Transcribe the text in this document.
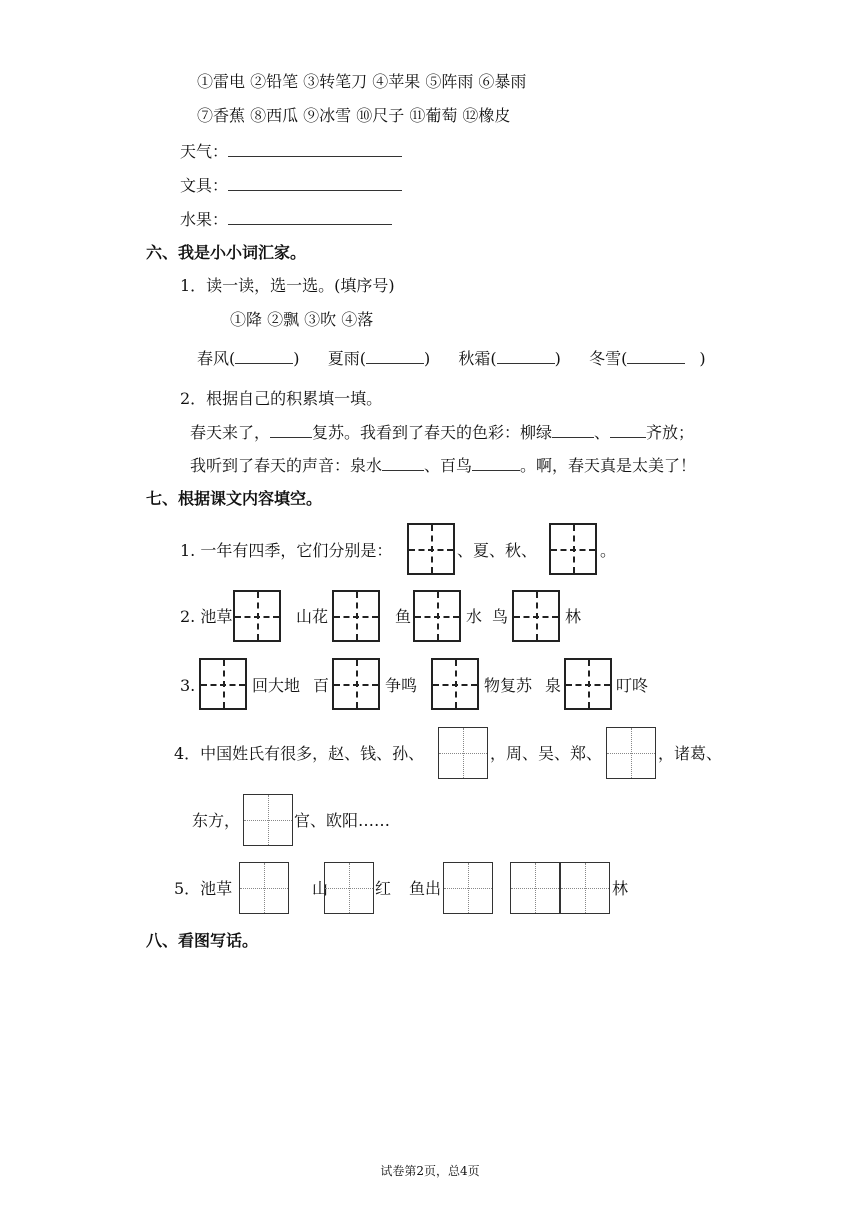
①雷电 ②铅笔 ③转笔刀 ④苹果 ⑤阵雨 ⑥暴雨
⑦香蕉 ⑧西瓜 ⑨冰雪 ⑩尺子 ⑪葡萄 ⑫橡皮
天气：
文具：
水果：
六、我是小小词汇家。
1．读一读，选一选。(填序号)
①降 ②飘 ③吹 ④落
春风(	) 夏雨(	) 秋霜(	) 冬雪(	)
2．根据自己的积累填一填。
春天来了，	复苏。我看到了春天的色彩：柳绿	、 齐放；
我听到了春天的声音：泉水	、百鸟	。啊，春天真是太美了！
七、根据课文内容填空。
1. 一年有四季，它们分别是：	、夏、秋、	。
2. 池草	山花	鱼	水 鸟	林
3.	回大地 百	争鸣	物复苏 泉	叮咚
4．中国姓氏有很多，赵、钱、孙、	，周、吴、郑、	，诸葛、
东方，	官、欧阳……
5．池草	山	红 鱼出	林
八、看图写话。
试卷第2页，总4页
